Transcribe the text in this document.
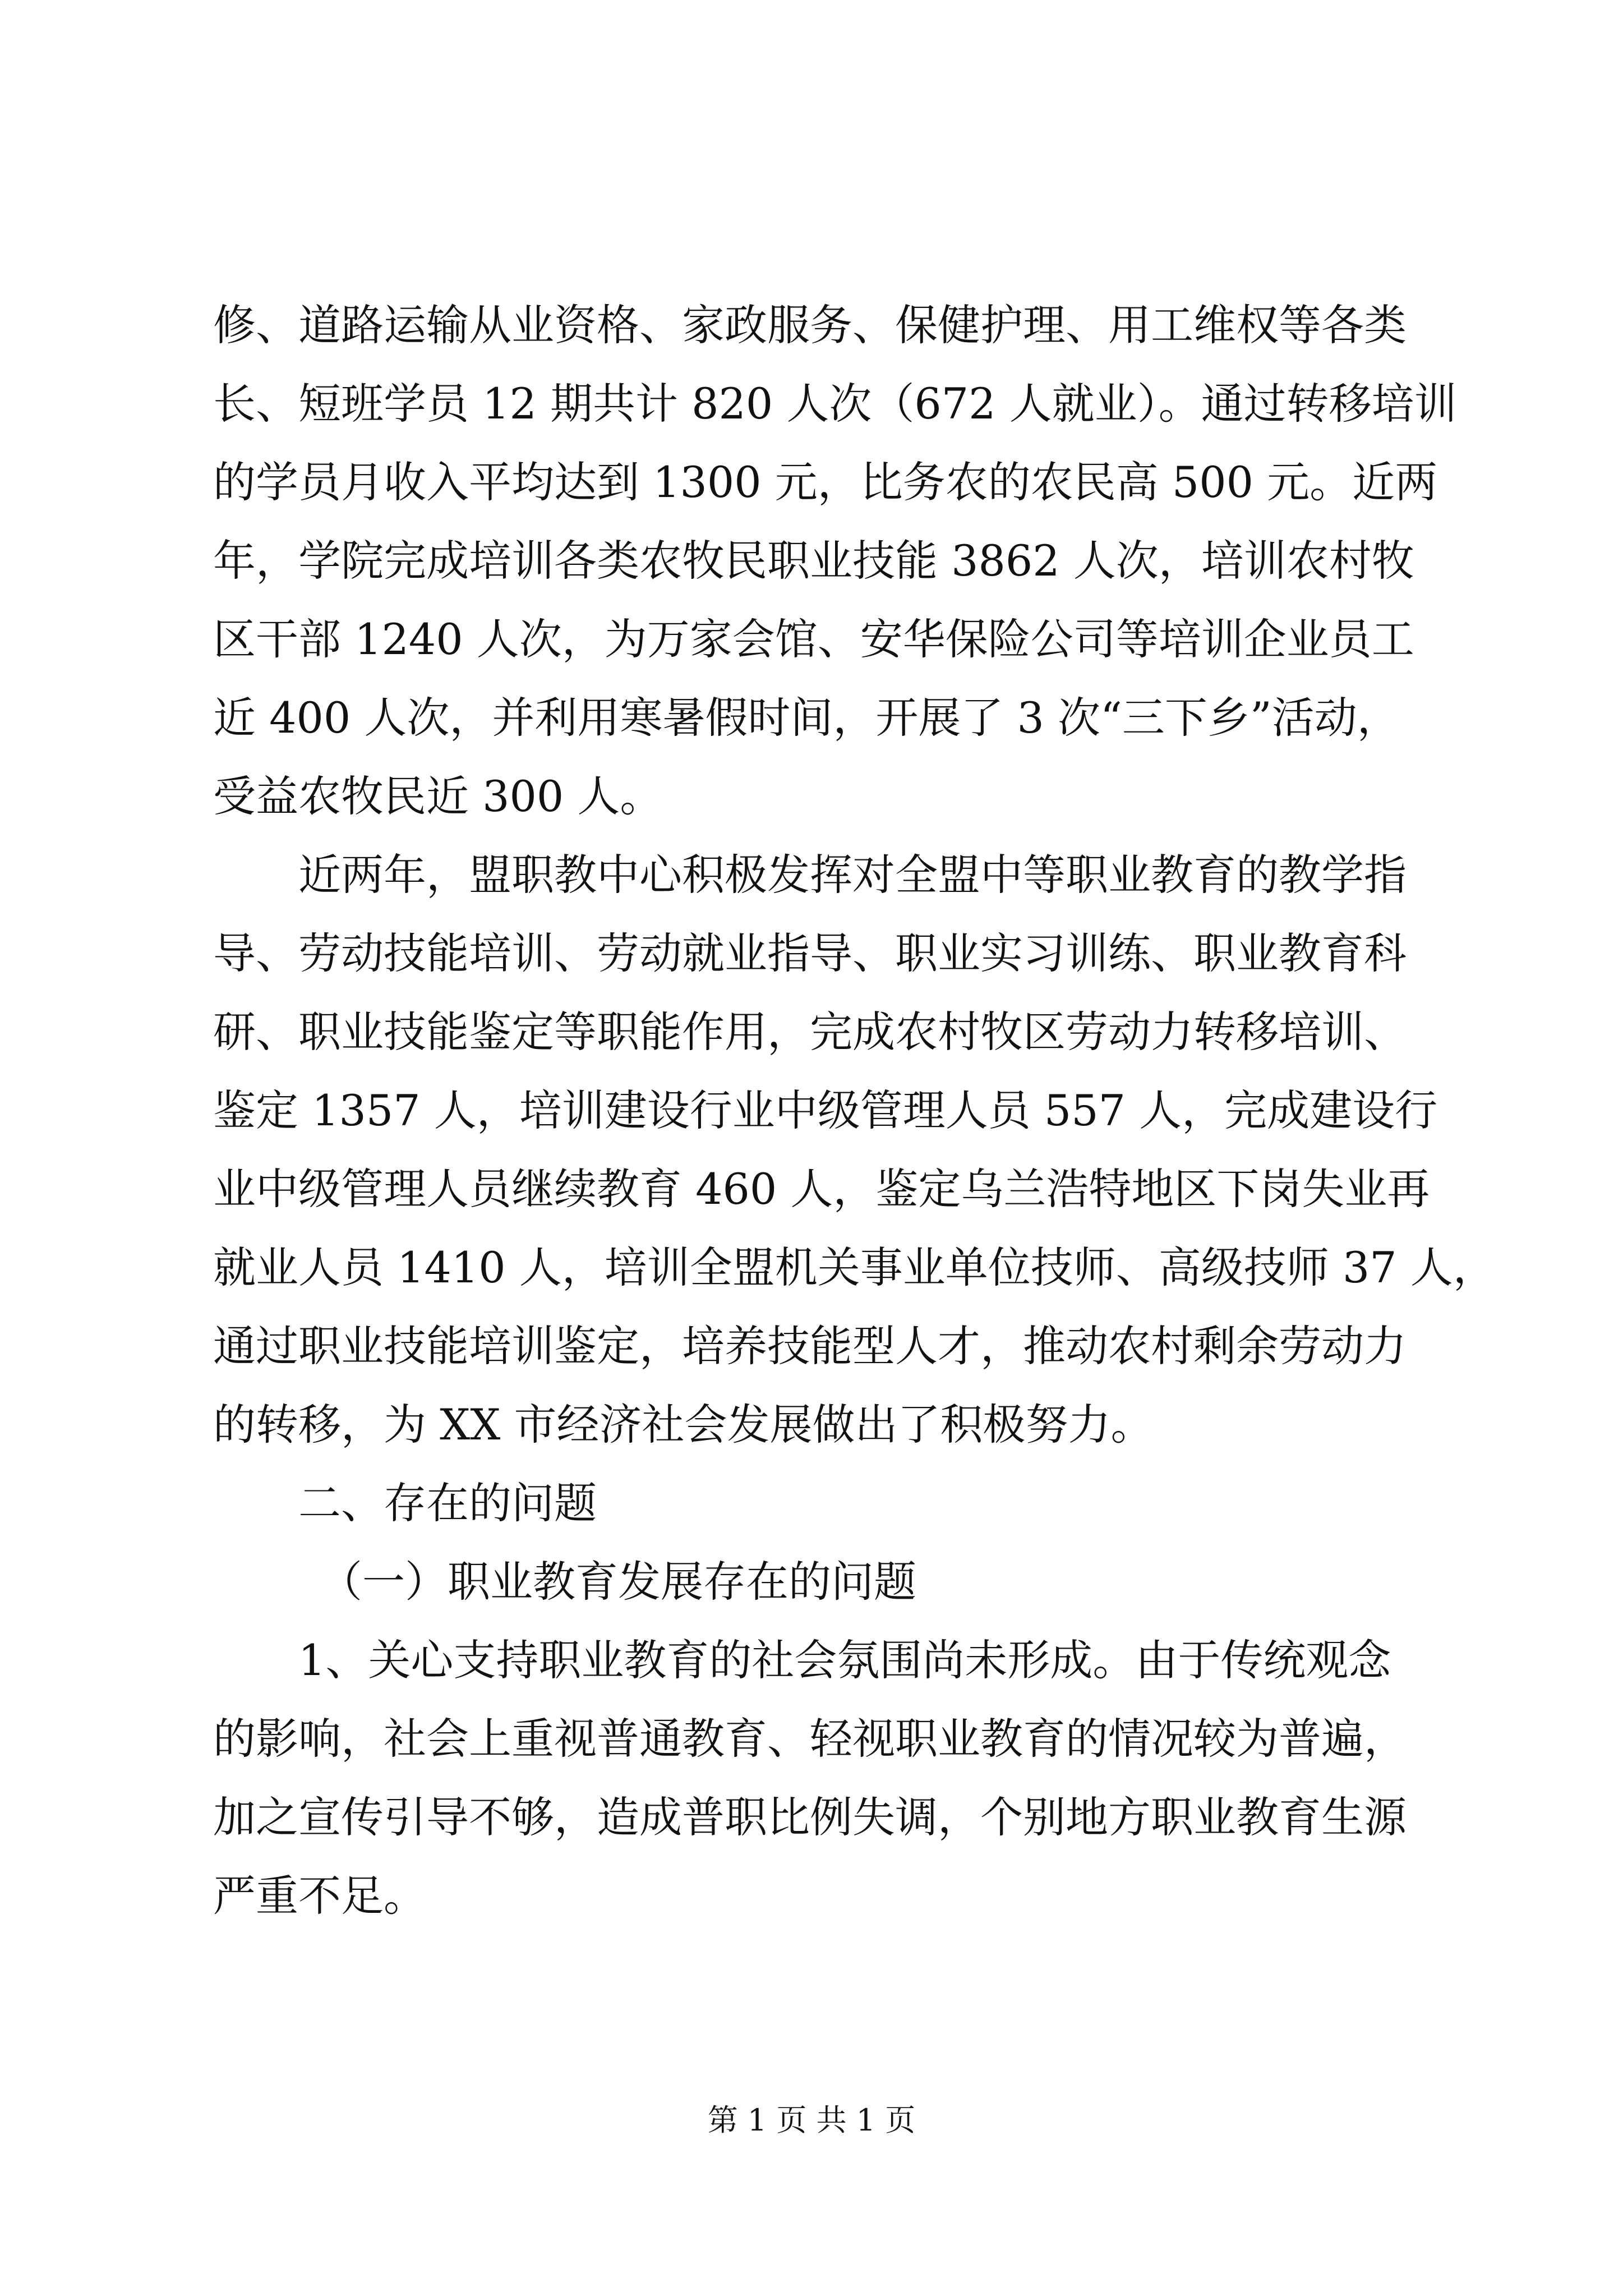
修、道路运输从业资格、家政服务、保健护理、用工维权等各类
长、短班学员 12 期共计 820 人次（672 人就业）。通过转移培训
的学员月收入平均达到 1300 元，比务农的农民高 500 元。近两
年，学院完成培训各类农牧民职业技能 3862 人次，培训农村牧
区干部 1240 人次，为万家会馆、安华保险公司等培训企业员工
近 400 人次，并利用寒暑假时间，开展了 3 次“三下乡”活动，
受益农牧民近 300 人。
近两年，盟职教中心积极发挥对全盟中等职业教育的教学指
导、劳动技能培训、劳动就业指导、职业实习训练、职业教育科
研、职业技能鉴定等职能作用，完成农村牧区劳动力转移培训、
鉴定 1357 人，培训建设行业中级管理人员 557 人，完成建设行
业中级管理人员继续教育 460 人，鉴定乌兰浩特地区下岗失业再
就业人员 1410 人，培训全盟机关事业单位技师、高级技师 37 人，
通过职业技能培训鉴定，培养技能型人才，推动农村剩余劳动力
的转移，为 XX 市经济社会发展做出了积极努力。
二、存在的问题
（一）职业教育发展存在的问题
1、关心支持职业教育的社会氛围尚未形成。由于传统观念
的影响，社会上重视普通教育、轻视职业教育的情况较为普遍，
加之宣传引导不够，造成普职比例失调，个别地方职业教育生源
严重不足。
第 1 页 共 1 页
